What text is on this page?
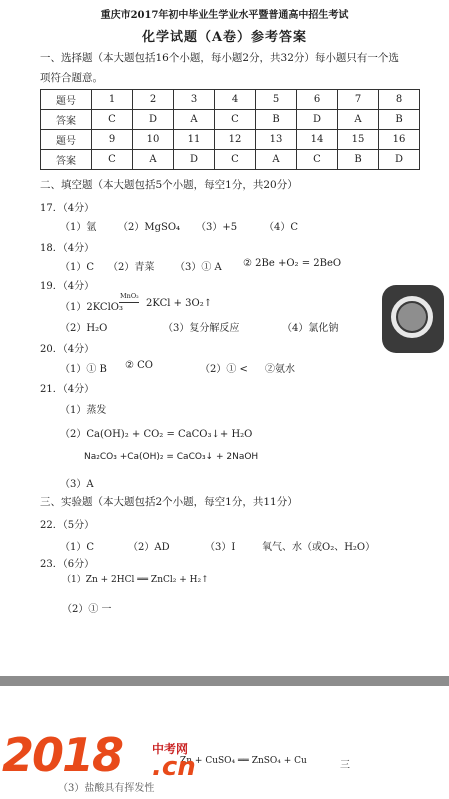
重庆市2017年初中毕业生学业水平暨普通高中招生考试
化学试题（A卷）参考答案
一、选择题（本大题包括16个小题，每小题2分，共32分）每小题只有一个选
项符合题意。
题号	1	2	3	4	5	6	7	8
答案	C	D	A	C	B	D	A	B
题号	9	10	11	12	13	14	15	16
答案	C	A	D	C	A	C	B	D
二、填空题（本大题包括5个小题，每空1分，共20分）
17．（4分）
（1）氩 （2）MgSO₄ （3）+5	（4）C
18．（4分）
（1）C （2）青菜 （3）① A ② 2Be +O₂ = 2BeO
19．（4分）
（1）2KClO₃
MnO₂
2KCl + 3O₂↑
（2）H₂O	（3）复分解反应	（4）氯化钠
20．（4分）
（1）① B ② CO	（2）① < ②氨水
21．（4分）
（1）蒸发
（2）Ca(OH)₂ + CO₂ = CaCO₃↓+ H₂O
Na₂CO₃ +Ca(OH)₂ = CaCO₃↓ + 2NaOH
（3）A
三、实验题（本大题包括2个小题，每空1分，共11分）
22．（5分）
（1）C	（2）AD	（3）Ⅰ	氧气、水（或O₂、H₂O）
23．（6分）
（1）Zn + 2HCl ══ ZnCl₂ + H₂↑
（2）① 一
Zn + CuSO₄ ══ ZnSO₄ + Cu	三
（3）盐酸具有挥发性
2018 中考网
.cn
